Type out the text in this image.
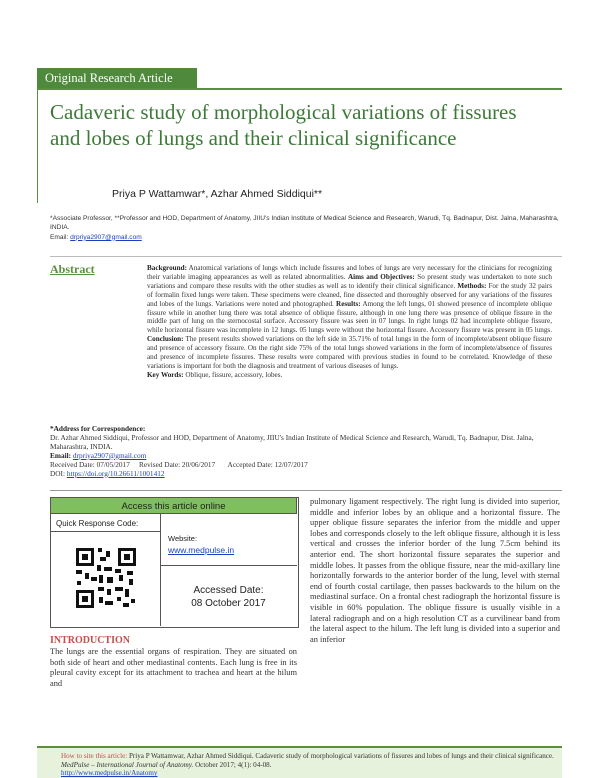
Original Research Article
Cadaveric study of morphological variations of fissures and lobes of lungs and their clinical significance
Priya P Wattamwar*, Azhar Ahmed Siddiqui**
*Associate Professor, **Professor and HOD, Department of Anatomy, JIIU's Indian Institute of Medical Science and Research, Warudi, Tq. Badnapur, Dist. Jalna, Maharashtra, INDIA.
Email: drpriya2907@gmail.com
Abstract	Background: Anatomical variations of lungs which include fissures and lobes of lungs are very necessary for the clinicians for recognizing their variable imaging appearances as well as related abnormalities. Aims and Objectives: So present study was undertaken to note such variations and compare these results with the other studies as well as to identify their clinical significance. Methods: For the study 32 pairs of formalin fixed lungs were taken. These specimens were cleaned, fine dissected and thoroughly observed for any variations of the fissures and lobes of the lungs. Variations were noted and photographed. Results: Among the left lungs, 01 showed presence of incomplete oblique fissure while in another lung there was total absence of oblique fissure, although in one lung there was presence of oblique fissure in the middle part of lung on the sternocostal surface. Accessory fissure was seen in 07 lungs. In right lungs 02 had incomplete oblique fissure, while horizontal fissure was incomplete in 12 lungs. 05 lungs were without the horizontal fissure. Accessory fissure was present in 05 lungs. Conclusion: The present results showed variations on the left side in 35.71% of total lungs in the form of incomplete/absent oblique fissure and presence of accessory fissure. On the right side 75% of the total lungs showed variations in the form of incomplete/absence of fissures and presence of incomplete fissures. These results were compared with previous studies in found to be correlated. Knowledge of these variations is important for both the diagnosis and treatment of various diseases of lungs.
Key Words: Oblique, fissure, accessory, lobes.
*Address for Correspondence:
Dr. Azhar Ahmed Siddiqui, Professor and HOD, Department of Anatomy, JIIU's Indian Institute of Medical Science and Research, Warudi, Tq. Badnapur, Dist. Jalna, Maharashtra, INDIA.
Email: drpriya2907@gmail.com
Received Date: 07/05/2017 Revised Date: 20/06/2017 Accepted Date: 12/07/2017
DOI: https://doi.org/10.26611/1001412
Access this article online
Quick Response Code:
Website:
www.medpulse.in
Accessed Date:
08 October 2017
INTRODUCTION
The lungs are the essential organs of respiration. They are situated on both side of heart and other mediastinal contents. Each lung is free in its pleural cavity except for its attachment to trachea and heart at the hilum and
pulmonary ligament respectively. The right lung is divided into superior, middle and inferior lobes by an oblique and a horizontal fissure. The upper oblique fissure separates the inferior from the middle and upper lobes and corresponds closely to the left oblique fissure, although it is less vertical and crosses the inferior border of the lung 7.5cm behind its anterior end. The short horizontal fissure separates the superior and middle lobes. It passes from the oblique fissure, near the mid-axillary line horizontally forwards to the anterior border of the lung, level with sternal end of fourth costal cartilage, then passes backwards to the hilum on the mediastinal surface. On a frontal chest radiograph the horizontal fissure is visible in 60% population. The oblique fissure is usually visible in a lateral radiograph and on a high resolution CT as a curvilinear band from the lateral aspect to the hilum. The left lung is divided into a superior and an inferior
How to site this article: Priya P Wattamwar, Azhar Ahmed Siddiqui. Cadaveric study of morphological variations of fissures and lobes of lungs and their clinical significance. MedPulse – International Journal of Anatomy. October 2017; 4(1): 04-08.
http://www.medpulse.in/Anatomy
